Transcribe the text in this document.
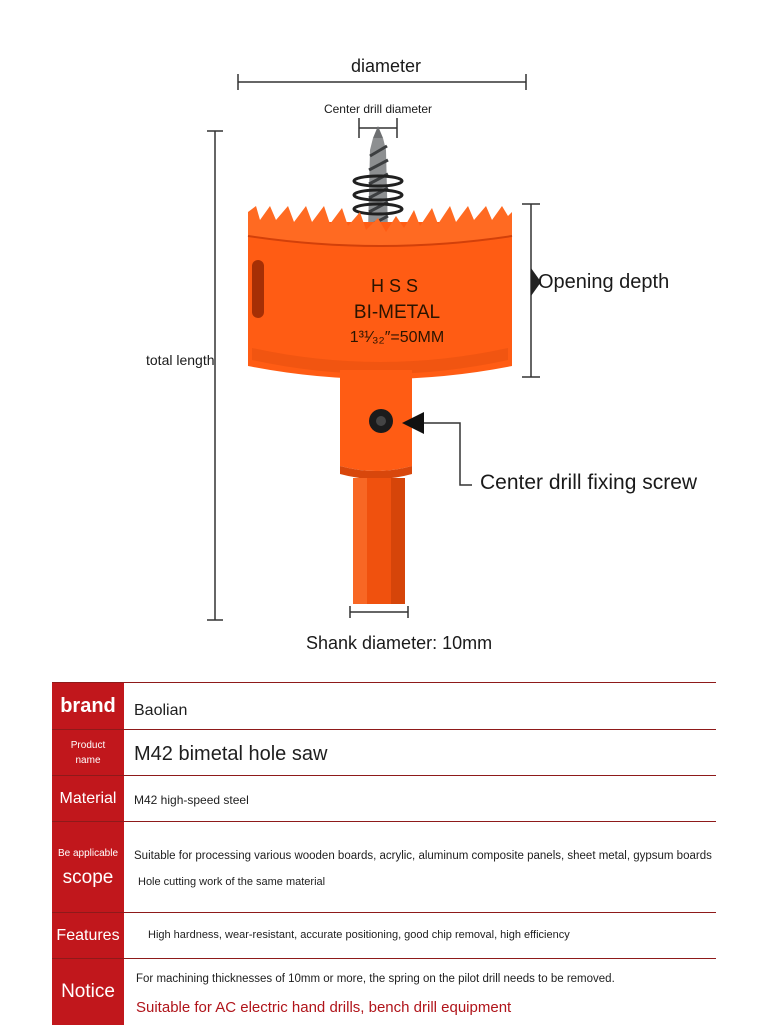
HSS
BI-METAL
1³¹⁄₃₂″=50MM
diameter
Center drill diameter
total length
Opening depth
Center drill fixing screw
Shank diameter: 10mm
brand Baolian
Product name	M42 bimetal hole saw
Material M42 high-speed steel
Be applicable
scope
Suitable for processing various wooden boards, acrylic, aluminum composite panels, sheet metal, gypsum boards
Hole cutting work of the same material
Features	High hardness, wear-resistant, accurate positioning, good chip removal, high efficiency
Notice
For machining thicknesses of 10mm or more, the spring on the pilot drill needs to be removed.
Suitable for AC electric hand drills, bench drill equipment
